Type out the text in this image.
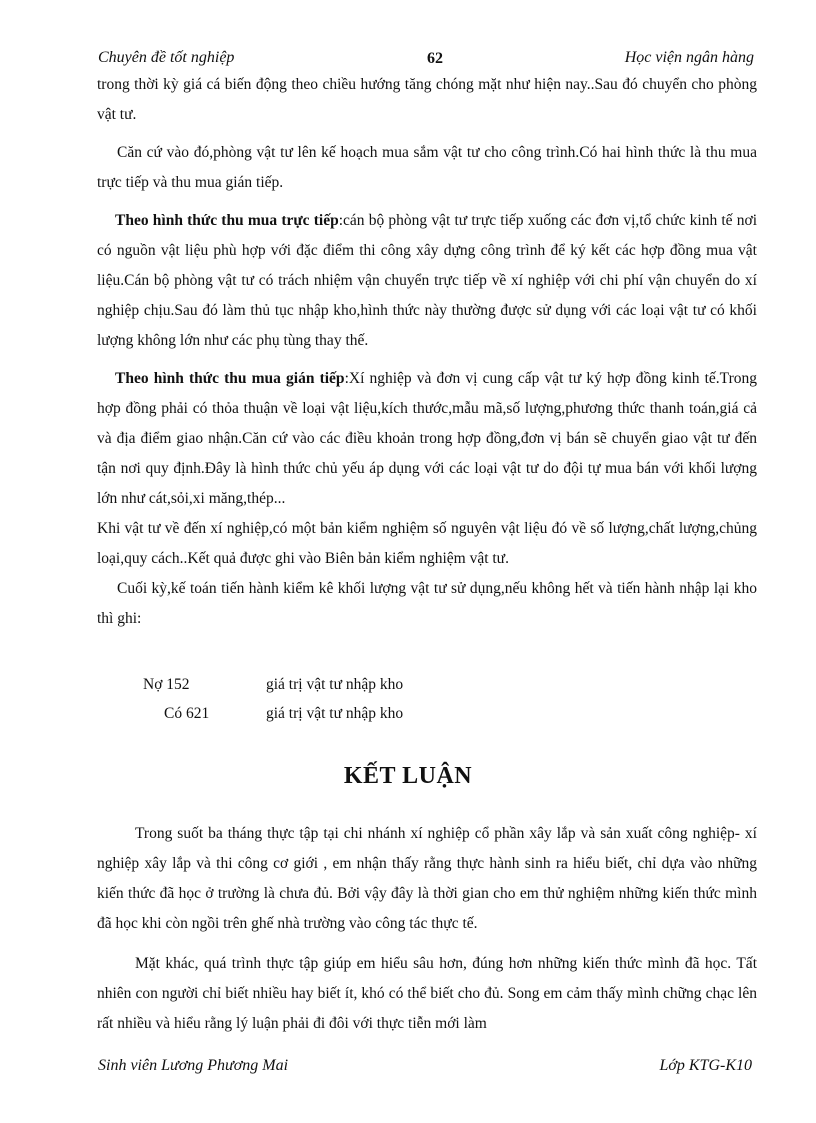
Chuyên đề tốt nghiệp	62	Học viện ngân hàng

trong thời kỳ giá cá biến động theo chiều hướng tăng chóng mặt như hiện nay..Sau đó chuyển cho phòng vật tư.

Căn cứ vào đó,phòng vật tư lên kế hoạch mua sắm vật tư cho công trình.Có hai hình thức là thu mua trực tiếp và thu mua gián tiếp.

Theo hình thức thu mua trực tiếp:cán bộ phòng vật tư trực tiếp xuống các đơn vị,tổ chức kinh tế nơi có nguồn vật liệu phù hợp với đặc điểm thi công xây dựng công trình để ký kết các hợp đồng mua vật liệu.Cán bộ phòng vật tư có trách nhiệm vận chuyển trực tiếp về xí nghiệp với chi phí vận chuyển do xí nghiệp chịu.Sau đó làm thủ tục nhập kho,hình thức này thường được sử dụng với các loại vật tư có khối lượng không lớn như các phụ tùng thay thế.

Theo hình thức thu mua gián tiếp:Xí nghiệp và đơn vị cung cấp vật tư ký hợp đồng kinh tế.Trong hợp đồng phải có thỏa thuận về loại vật liệu,kích thước,mẫu mã,số lượng,phương thức thanh toán,giá cả và địa điểm giao nhận.Căn cứ vào các điều khoản trong hợp đồng,đơn vị bán sẽ chuyển giao vật tư đến tận nơi quy định.Đây là hình thức chủ yếu áp dụng với các loại vật tư do đội tự mua bán với khối lượng lớn như cát,sỏi,xi măng,thép...

Khi vật tư về đến xí nghiệp,có một bản kiểm nghiệm số nguyên vật liệu đó về số lượng,chất lượng,chủng loại,quy cách..Kết quả được ghi vào Biên bản kiểm nghiệm vật tư.

Cuối kỳ,kế toán tiến hành kiểm kê khối lượng vật tư sử dụng,nếu không hết và tiến hành nhập lại kho thì ghi:

Nợ 152	giá trị vật tư nhập kho
Có 621	giá trị vật tư nhập kho
KẾT LUẬN

Trong suốt ba tháng thực tập tại chi nhánh xí nghiệp cổ phần xây lắp và sản xuất công nghiệp- xí nghiệp xây lắp và thi công cơ giới , em nhận thấy rằng thực hành sinh ra hiểu biết, chỉ dựa vào những kiến thức đã học ở trường là chưa đủ. Bởi vậy đây là thời gian cho em thử nghiệm những kiến thức mình đã học khi còn ngồi trên ghế nhà trường vào công tác thực tế.

Mặt khác, quá trình thực tập giúp em hiểu sâu hơn, đúng hơn những kiến thức mình đã học. Tất nhiên con người chỉ biết nhiều hay biết ít, khó có thể biết cho đủ. Song em cảm thấy mình chững chạc lên rất nhiều và hiểu rằng lý luận phải đi đôi với thực tiễn mới làm

Sinh viên Lương Phương Mai	Lớp KTG-K10
